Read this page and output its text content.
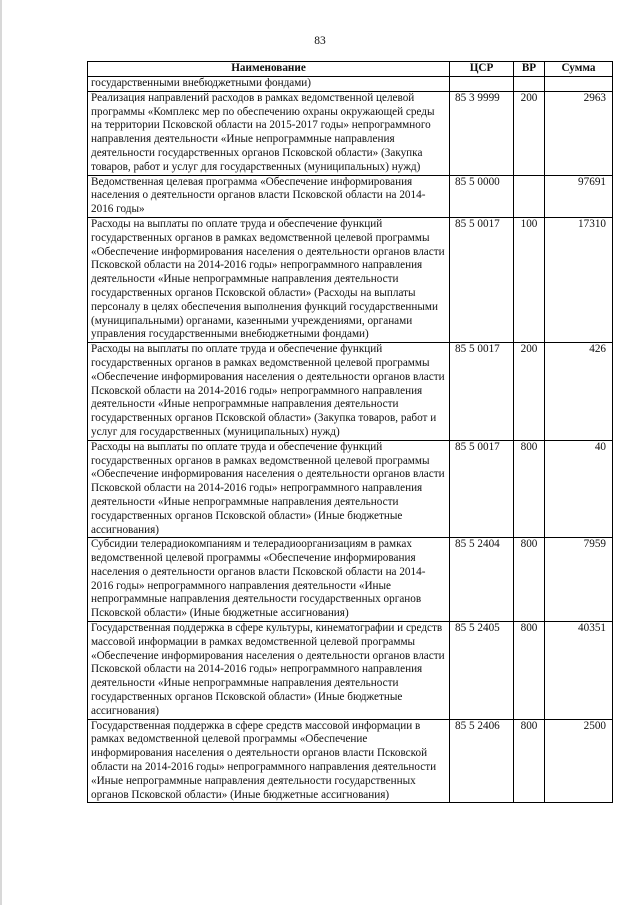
83
Наименование	ЦСР	ВР	Сумма
государственными внебюджетными фондами)			
Реализация направлений расходов в рамках ведомственной целевой программы «Комплекс мер по обеспечению охраны окружающей среды на территории Псковской области на 2015-2017 годы» непрограммного направления деятельности «Иные непрограммные направления деятельности государственных органов Псковской области» (Закупка товаров, работ и услуг для государственных (муниципальных) нужд)	85 3 9999	200	2963
Ведомственная целевая программа «Обеспечение информирования населения о деятельности органов власти Псковской области на 2014-2016 годы»	85 5 0000		97691
Расходы на выплаты по оплате труда и обеспечение функций государственных органов в рамках ведомственной целевой программы «Обеспечение информирования населения о деятельности органов власти Псковской области на 2014-2016 годы» непрограммного направления деятельности «Иные непрограммные направления деятельности государственных органов Псковской области» (Расходы на выплаты персоналу в целях обеспечения выполнения функций государственными (муниципальными) органами, казенными учреждениями, органами управления государственными внебюджетными фондами)	85 5 0017	100	17310
Расходы на выплаты по оплате труда и обеспечение функций государственных органов в рамках ведомственной целевой программы «Обеспечение информирования населения о деятельности органов власти Псковской области на 2014-2016 годы» непрограммного направления деятельности «Иные непрограммные направления деятельности государственных органов Псковской области» (Закупка товаров, работ и услуг для государственных (муниципальных) нужд)	85 5 0017	200	426
Расходы на выплаты по оплате труда и обеспечение функций государственных органов в рамках ведомственной целевой программы «Обеспечение информирования населения о деятельности органов власти Псковской области на 2014-2016 годы» непрограммного направления деятельности «Иные непрограммные направления деятельности государственных органов Псковской области» (Иные бюджетные ассигнования)	85 5 0017	800	40
Субсидии телерадиокомпаниям и телерадиоорганизациям в рамках ведомственной целевой программы «Обеспечение информирования населения о деятельности органов власти Псковской области на 2014-2016 годы» непрограммного направления деятельности «Иные непрограммные направления деятельности государственных органов Псковской области» (Иные бюджетные ассигнования)	85 5 2404	800	7959
Государственная поддержка в сфере культуры, кинематографии и средств массовой информации в рамках ведомственной целевой программы «Обеспечение информирования населения о деятельности органов власти Псковской области на 2014-2016 годы» непрограммного направления деятельности «Иные непрограммные направления деятельности государственных органов Псковской области» (Иные бюджетные ассигнования)	85 5 2405	800	40351
Государственная поддержка в сфере средств массовой информации в рамках ведомственной целевой программы «Обеспечение информирования населения о деятельности органов власти Псковской области на 2014-2016 годы» непрограммного направления деятельности «Иные непрограммные направления деятельности государственных органов Псковской области» (Иные бюджетные ассигнования)	85 5 2406	800	2500
